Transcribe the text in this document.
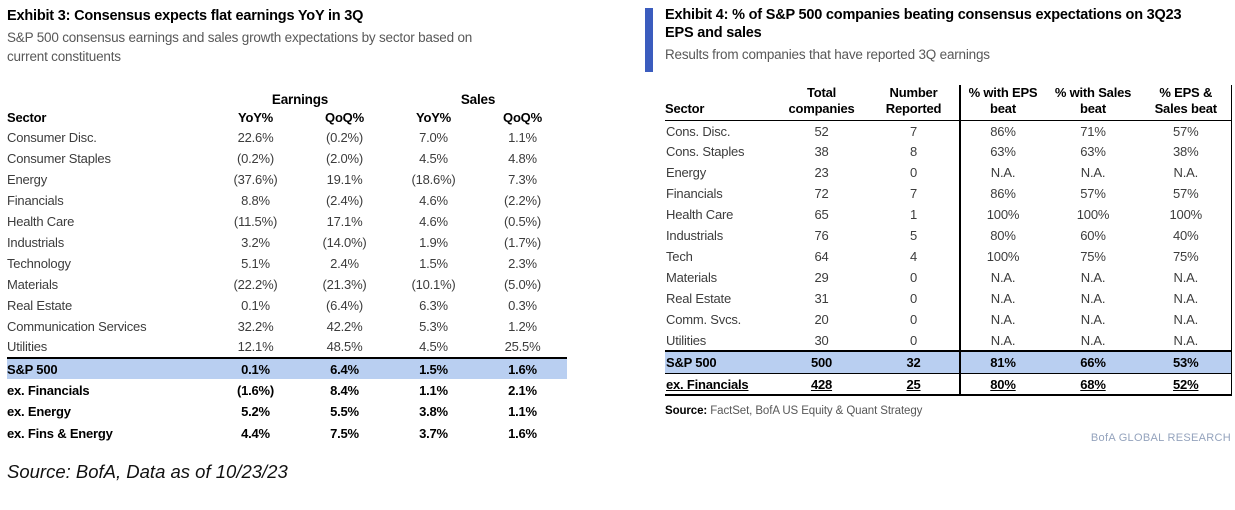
Exhibit 3: Consensus expects flat earnings YoY in 3Q
S&P 500 consensus earnings and sales growth expectations by sector based on current constituents
	Earnings		Sales	
Sector	YoY%	QoQ%	YoY%	QoQ%
Consumer Disc.	22.6%	(0.2%)	7.0%	1.1%
Consumer Staples	(0.2%)	(2.0%)	4.5%	4.8%
Energy	(37.6%)	19.1%	(18.6%)	7.3%
Financials	8.8%	(2.4%)	4.6%	(2.2%)
Health Care	(11.5%)	17.1%	4.6%	(0.5%)
Industrials	3.2%	(14.0%)	1.9%	(1.7%)
Technology	5.1%	2.4%	1.5%	2.3%
Materials	(22.2%)	(21.3%)	(10.1%)	(5.0%)
Real Estate	0.1%	(6.4%)	6.3%	0.3%
Communication Services	32.2%	42.2%	5.3%	1.2%
Utilities	12.1%	48.5%	4.5%	25.5%
S&P 500	0.1%	6.4%	1.5%	1.6%
ex. Financials	(1.6%)	8.4%	1.1%	2.1%
ex. Energy	5.2%	5.5%	3.8%	1.1%
ex. Fins & Energy	4.4%	7.5%	3.7%	1.6%
Source: BofA, Data as of 10/23/23
Exhibit 4: % of S&P 500 companies beating consensus expectations on 3Q23 EPS and sales
Results from companies that have reported 3Q earnings
Sector	Total companies	Number Reported	% with EPS beat	% with Sales beat	% EPS & Sales beat
Cons. Disc.	52	7	86%	71%	57%
Cons. Staples	38	8	63%	63%	38%
Energy	23	0	N.A.	N.A.	N.A.
Financials	72	7	86%	57%	57%
Health Care	65	1	100%	100%	100%
Industrials	76	5	80%	60%	40%
Tech	64	4	100%	75%	75%
Materials	29	0	N.A.	N.A.	N.A.
Real Estate	31	0	N.A.	N.A.	N.A.
Comm. Svcs.	20	0	N.A.	N.A.	N.A.
Utilities	30	0	N.A.	N.A.	N.A.
S&P 500	500	32	81%	66%	53%
ex. Financials	428	25	80%	68%	52%
Source: FactSet, BofA US Equity & Quant Strategy
BofA GLOBAL RESEARCH
